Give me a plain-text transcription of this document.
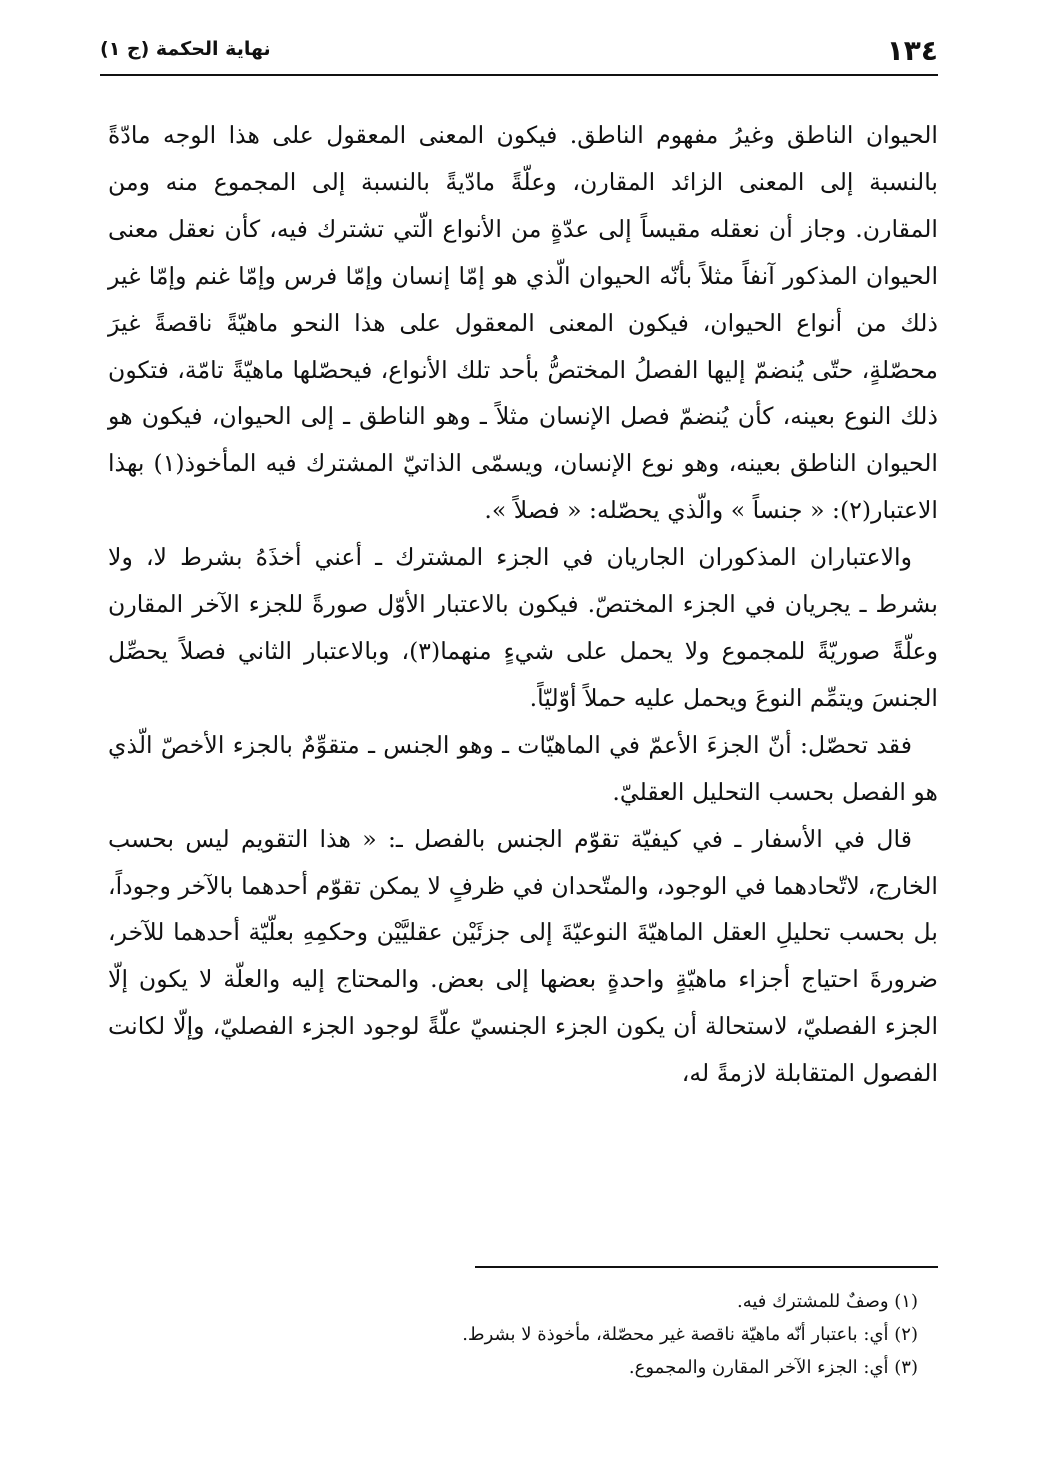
١٣٤
نهاية الحكمة (ج ١)

الحيوان الناطق وغيرُ مفهوم الناطق. فيكون المعنى المعقول على هذا الوجه مادّةً بالنسبة إلى المعنى الزائد المقارن، وعلّةً مادّيةً بالنسبة إلى المجموع منه ومن المقارن. وجاز أن نعقله مقيساً إلى عدّةٍ من الأنواع الّتي تشترك فيه، كأن نعقل معنى الحيوان المذكور آنفاً مثلاً بأنّه الحيوان الّذي هو إمّا إنسان وإمّا فرس وإمّا غنم وإمّا غير ذلك من أنواع الحيوان، فيكون المعنى المعقول على هذا النحو ماهيّةً ناقصةً غيرَ محصّلةٍ، حتّى يُنضمّ إليها الفصلُ المختصُّ بأحد تلك الأنواع، فيحصّلها ماهيّةً تامّة، فتكون ذلك النوع بعينه، كأن يُنضمّ فصل الإنسان مثلاً ـ وهو الناطق ـ إلى الحيوان، فيكون هو الحيوان الناطق بعينه، وهو نوع الإنسان، ويسمّى الذاتيّ المشترك فيه المأخوذ(١) بهذا الاعتبار(٢): « جنساً » والّذي يحصّله: « فصلاً ».

والاعتباران المذكوران الجاريان في الجزء المشترك ـ أعني أخذَهُ بشرط لا، ولا بشرط ـ يجريان في الجزء المختصّ. فيكون بالاعتبار الأوّل صورةً للجزء الآخر المقارن وعلّةً صوريّةً للمجموع ولا يحمل على شيءٍ منهما(٣)، وبالاعتبار الثاني فصلاً يحصِّل الجنسَ ويتمِّم النوعَ ويحمل عليه حملاً أوّليّاً.

فقد تحصّل: أنّ الجزءَ الأعمّ في الماهيّات ـ وهو الجنس ـ متقوِّمٌ بالجزء الأخصّ الّذي هو الفصل بحسب التحليل العقليّ.

قال في الأسفار ـ في كيفيّة تقوّم الجنس بالفصل ـ: « هذا التقويم ليس بحسب الخارج، لاتّحادهما في الوجود، والمتّحدان في ظرفٍ لا يمكن تقوّم أحدهما بالآخر وجوداً، بل بحسب تحليلِ العقل الماهيّةَ النوعيّةَ إلى جزئَيْن عقليَّيْن وحكمِهِ بعلّيّة أحدهما للآخر، ضرورةَ احتياج أجزاء ماهيّةٍ واحدةٍ بعضها إلى بعض. والمحتاج إليه والعلّة لا يكون إلّا الجزء الفصليّ، لاستحالة أن يكون الجزء الجنسيّ علّةً لوجود الجزء الفصليّ، وإلّا لكانت الفصول المتقابلة لازمةً له،

(١) وصفٌ للمشترك فيه.
(٢) أي: باعتبار أنّه ماهيّة ناقصة غير محصّلة، مأخوذة لا بشرط.
(٣) أي: الجزء الآخر المقارن والمجموع.
